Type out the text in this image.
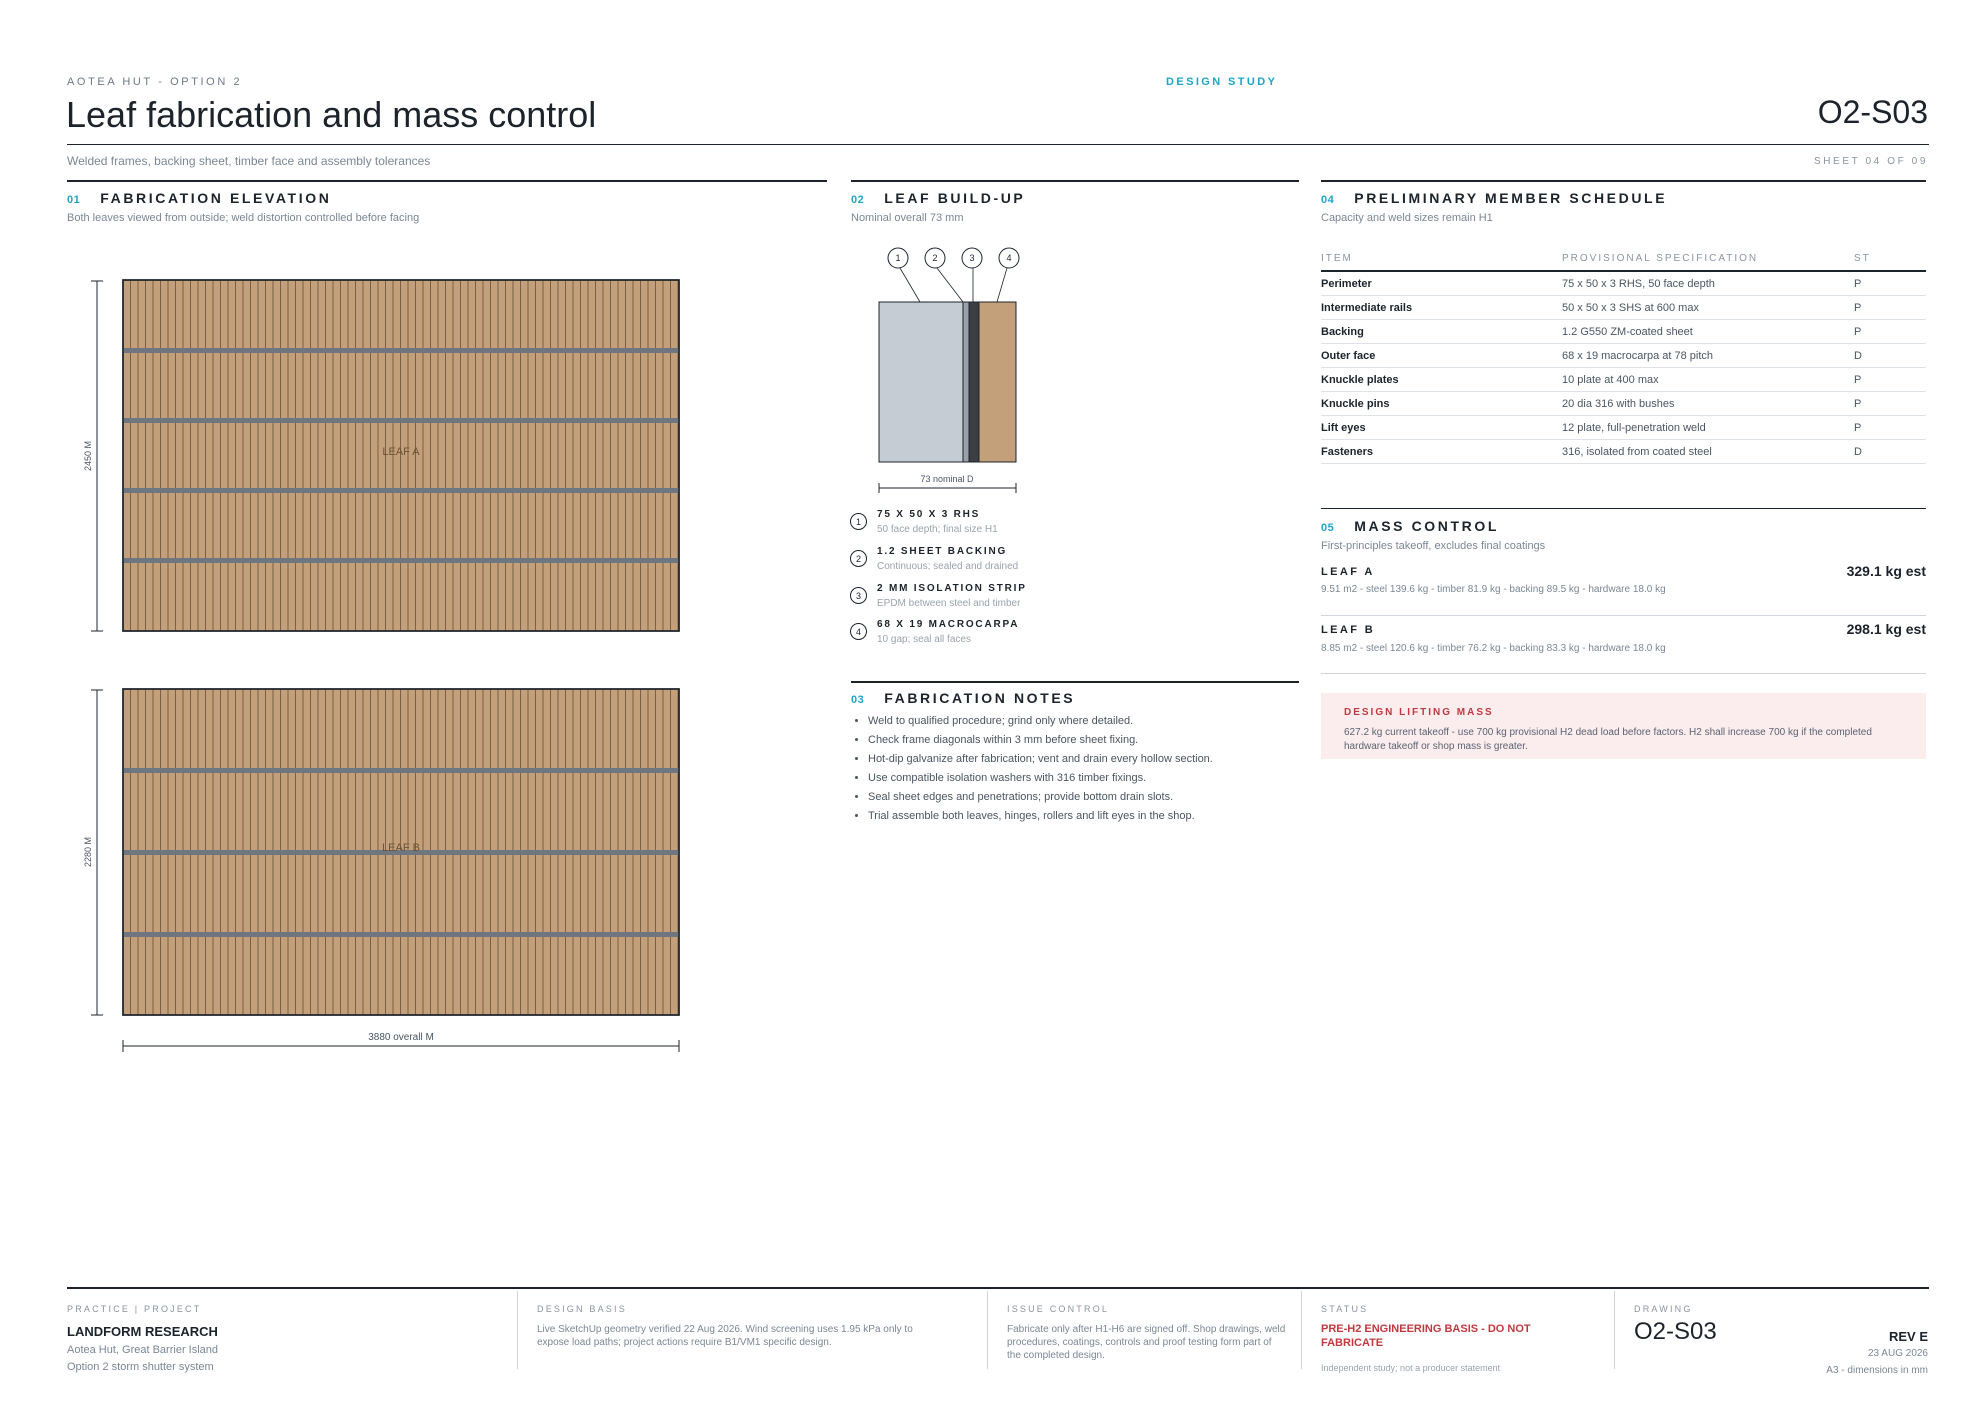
AOTEA HUT - OPTION 2	DESIGN STUDY
Leaf fabrication and mass control	O2-S03
Welded frames, backing sheet, timber face and assembly tolerances	SHEET 04 OF 09
01 FABRICATION ELEVATION
Both leaves viewed from outside; weld distortion controlled before facing
LEAF A
2450 M
LEAF B
2280 M
3880 overall M
02 LEAF BUILD-UP
Nominal overall 73 mm
1	2	3	4
73 nominal D
1
75 X 50 X 3 RHS
50 face depth; final size H1
2
1.2 SHEET BACKING
Continuous; sealed and drained
3
2 MM ISOLATION STRIP
EPDM between steel and timber
4
68 X 19 MACROCARPA
10 gap; seal all faces
03 FABRICATION NOTES
• Weld to qualified procedure; grind only where detailed.
• Check frame diagonals within 3 mm before sheet fixing.
• Hot-dip galvanize after fabrication; vent and drain every hollow section.
• Use compatible isolation washers with 316 timber fixings.
• Seal sheet edges and penetrations; provide bottom drain slots.
• Trial assemble both leaves, hinges, rollers and lift eyes in the shop.
04 PRELIMINARY MEMBER SCHEDULE
Capacity and weld sizes remain H1
ITEM	PROVISIONAL SPECIFICATION	ST
Perimeter	75 x 50 x 3 RHS, 50 face depth	P
Intermediate rails	50 x 50 x 3 SHS at 600 max	P
Backing	1.2 G550 ZM-coated sheet	P
Outer face	68 x 19 macrocarpa at 78 pitch	D
Knuckle plates	10 plate at 400 max	P
Knuckle pins	20 dia 316 with bushes	P
Lift eyes	12 plate, full-penetration weld	P
Fasteners	316, isolated from coated steel	D
05 MASS CONTROL
First-principles takeoff, excludes final coatings
LEAF A	329.1 kg est
9.51 m2 - steel 139.6 kg - timber 81.9 kg - backing 89.5 kg - hardware 18.0 kg
LEAF B	298.1 kg est
8.85 m2 - steel 120.6 kg - timber 76.2 kg - backing 83.3 kg - hardware 18.0 kg
DESIGN LIFTING MASS
627.2 kg current takeoff - use 700 kg provisional H2 dead load before factors. H2 shall increase 700 kg if the completed hardware takeoff or shop mass is greater.
PRACTICE | PROJECT
LANDFORM RESEARCH
Aotea Hut, Great Barrier Island
Option 2 storm shutter system
DESIGN BASIS
Live SketchUp geometry verified 22 Aug 2026. Wind screening uses 1.95 kPa only to expose load paths; project actions require B1/VM1 specific design.
ISSUE CONTROL
Fabricate only after H1-H6 are signed off. Shop drawings, weld procedures, coatings, controls and proof testing form part of the completed design.
STATUS
PRE-H2 ENGINEERING BASIS - DO NOT FABRICATE
Independent study; not a producer statement
DRAWING
O2-S03	REV E
23 AUG 2026
A3 - dimensions in mm
